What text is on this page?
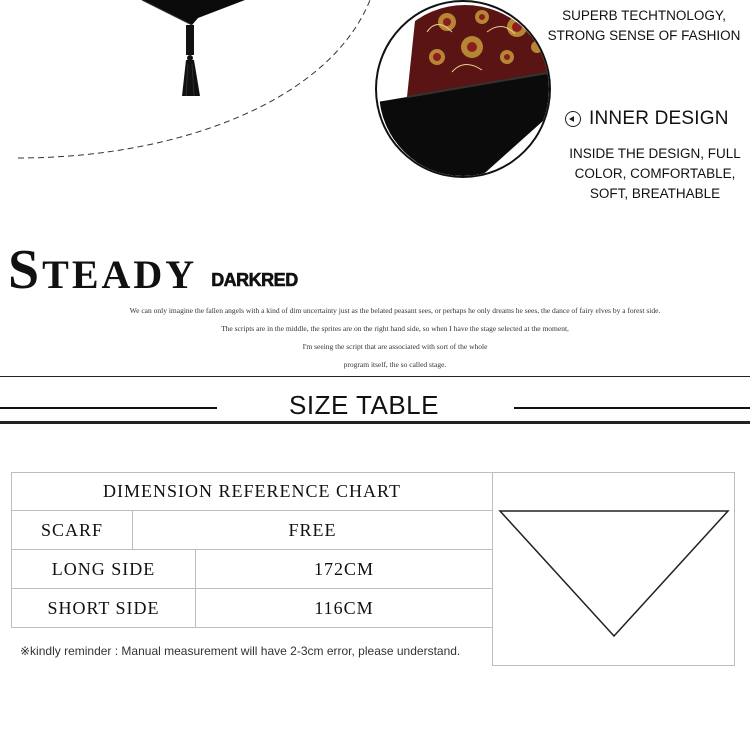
SUPERB TECHTNOLOGY,
STRONG SENSE OF FASHION
INNER DESIGN
INSIDE THE DESIGN, FULL
COLOR, COMFORTABLE,
SOFT, BREATHABLE
STEADY DARKRED
We can only imagine the fallen angels with a kind of dim uncertainty just as the belated peasant sees, or perhaps he only dreams he sees, the dance of fairy elves by a forest side.
The scripts are in the middle, the sprites are on the right hand side, so when I have the stage selected at the moment,
I'm seeing the script that are associated with sort of the whole
program itself, the so called stage.
SIZE TABLE
DIMENSION REFERENCE CHART
SCARF	FREE
LONG SIDE	172CM
SHORT SIDE	116CM
※kindly reminder : Manual measurement will have 2-3cm error, please understand.
